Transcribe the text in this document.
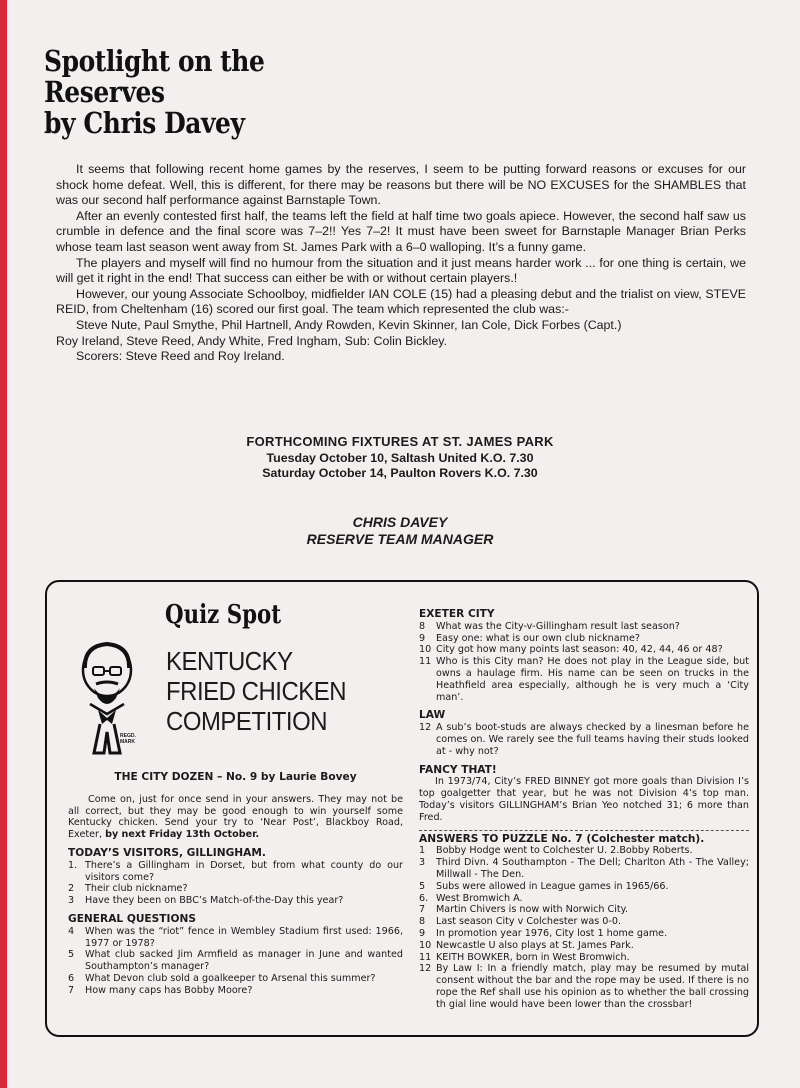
Spotlight on the Reserves
by Chris Davey

It seems that following recent home games by the reserves, I seem to be putting forward reasons or excuses for our shock home defeat. Well, this is different, for there may be reasons but there will be NO EXCUSES for the SHAMBLES that was our second half performance against Barnstaple Town.

After an evenly contested first half, the teams left the field at half time two goals apiece. However, the second half saw us crumble in defence and the final score was 7–2!! Yes 7–2! It must have been sweet for Barnstaple Manager Brian Perks whose team last season went away from St. James Park with a 6–0 walloping. It’s a funny game.

The players and myself will find no humour from the situation and it just means harder work ... for one thing is certain, we will get it right in the end! That success can either be with or without certain players.!

However, our young Associate Schoolboy, midfielder IAN COLE (15) had a pleasing debut and the trialist on view, STEVE REID, from Cheltenham (16) scored our first goal. The team which represented the club was:-

Steve Nute, Paul Smythe, Phil Hartnell, Andy Rowden, Kevin Skinner, Ian Cole, Dick Forbes (Capt.)

Roy Ireland, Steve Reed, Andy White, Fred Ingham, Sub: Colin Bickley.

Scorers: Steve Reed and Roy Ireland.

FORTHCOMING FIXTURES AT ST. JAMES PARK
Tuesday October 10, Saltash United K.O. 7.30
Saturday October 14, Paulton Rovers K.O. 7.30
CHRIS DAVEY
RESERVE TEAM MANAGER
REGD.
MARK
Quiz Spot
KENTUCKY
FRIED CHICKEN
COMPETITION
THE CITY DOZEN – No. 9 by Laurie Bovey

Come on, just for once send in your answers. They may not be all correct, but they may be good enough to win yourself some Kentucky chicken. Send your try to ‘Near Post’, Blackboy Road, Exeter, by next Friday 13th October.

TODAY’S VISITORS, GILLINGHAM.
1. There’s a Gillingham in Dorset, but from what county do our visitors come?
2	Their club nickname?
3	Have they been on BBC’s Match-of-the-Day this year?
GENERAL QUESTIONS
4	When was the “riot” fence in Wembley Stadium first used: 1966, 1977 or 1978?
5	What club sacked Jim Armfield as manager in June and wanted Southampton’s manager?
6	What Devon club sold a goalkeeper to Arsenal this summer?
7	How many caps has Bobby Moore?
EXETER CITY
8	What was the City-v-Gillingham result last season?
9	Easy one: what is our own club nickname?
10 City got how many points last season: 40, 42, 44, 46 or 48?
11 Who is this City man? He does not play in the League side, but owns a haulage firm. His name can be seen on trucks in the Heathfield area especially, although he is very much a ‘City man’.
LAW
12 A sub’s boot-studs are always checked by a linesman before he comes on. We rarely see the full teams having their studs looked at - why not?
FANCY THAT!

In 1973/74, City’s FRED BINNEY got more goals than Division I’s top goalgetter that year, but he was not Division 4’s top man. Today’s visitors GILLINGHAM’s Brian Yeo notched 31; 6 more than Fred.

ANSWERS TO PUZZLE No. 7 (Colchester match).
1	Bobby Hodge went to Colchester U. 2.Bobby Roberts.
3	Third Divn. 4 Southampton - The Dell; Charlton Ath - The Valley; Millwall - The Den.
5	Subs were allowed in League games in 1965/66.
6. West Bromwich A.
7	Martin Chivers is now with Norwich City.
8	Last season City v Colchester was 0-0.
9	In promotion year 1976, City lost 1 home game.
10 Newcastle U also plays at St. James Park.
11 KEITH BOWKER, born in West Bromwich.
12 By Law I: In a friendly match, play may be resumed by mutal consent without the bar and the rope may be used. If there is no rope the Ref shall use his opinion as to whether the ball crossing th gial line would have been lower than the crossbar!
